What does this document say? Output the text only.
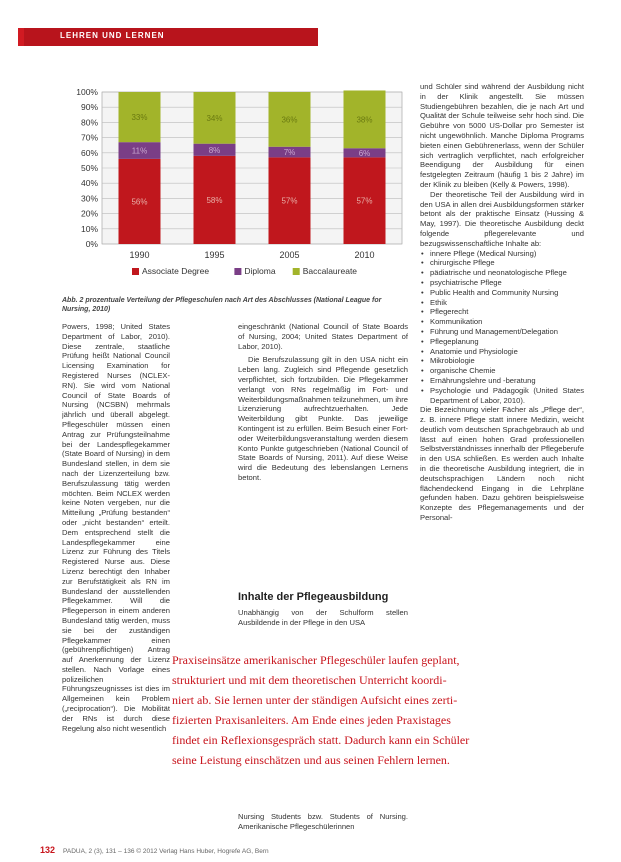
LEHREN UND LERNEN
100%
90%
80%
70%
60%
50%
40%
30%
20%
10%
0%
56%
11%
33%
1990
58%
8%
34%
1995
57%
7%
36%
2005
57%
6%
38%
2010
Associate Degree	Diploma	Baccalaureate
Abb. 2 prozentuale Verteilung der Pflegeschulen nach Art des Abschlusses (National League for Nursing, 2010)

Powers, 1998; United States Department of Labor, 2010). Diese zentrale, staatliche Prüfung heißt National Council Licensing Examination for Registered Nurses (NCLEX-RN). Sie wird vom National Council of State Boards of Nursing (NCSBN) mehrmals jährlich und überall abgelegt. Pflegeschüler müssen einen Antrag zur Prüfungsteilnahme bei der Landespflegekammer (State Board of Nursing) in dem Bundesland stellen, in dem sie nach der Lizenzerteilung bzw. Berufszulassung tätig werden möchten. Beim NCLEX werden keine Noten vergeben, nur die Mitteilung „Prüfung bestanden“ oder „nicht bestanden“ erteilt. Dem entsprechend stellt die Landespflegekammer eine Lizenz zur Führung des Titels Registered Nurse aus. Diese Lizenz berechtigt den Inhaber zur Berufstätigkeit als RN im Bundesland der ausstellenden Pflegekammer. Will die Pflegeperson in einem anderen Bundesland tätig werden, muss sie bei der zuständigen Pflegekammer einen (gebührenpflichtigen) Antrag auf Anerkennung der Lizenz stellen. Nach Vorlage eines polizeilichen Führungszeugnisses ist dies im Allgemeinen kein Problem („reciprocation“). Die Mobilität der RNs ist durch diese Regelung also nicht wesentlich

eingeschränkt (National Council of State Boards of Nursing, 2004; United States Department of Labor, 2010).

Die Berufszulassung gilt in den USA nicht ein Leben lang. Zugleich sind Pflegende gesetzlich verpflichtet, sich fortzubilden. Die Pflegekammer verlangt von RNs regelmäßig im Fort- und Weiterbildungsmaßnahmen teilzunehmen, um ihre Lizenzierung aufrechtzuerhalten. Jede Weiterbildung gibt Punkte. Das jeweilige Kontingent ist zu erfüllen. Beim Besuch einer Fort- oder Weiterbildungsveranstaltung werden diesem Konto Punkte gutgeschrieben (National Council of State Boards of Nursing, 2011). Auf diese Weise wird die Bedeutung des lebenslangen Lernens betont.

Inhalte der Pflegeausbildung

Unabhängig von der Schulform stellen Ausbildende in der Pflege in den USA

und Schüler sind während der Ausbildung nicht in der Klinik angestellt. Sie müssen Studiengebühren bezahlen, die je nach Art und Qualität der Schule teilweise sehr hoch sind. Die Gebühre von 5000 US-Dollar pro Semester ist nicht ungewöhnlich. Manche Diploma Programs bieten einen Gebührenerlass, wenn der Schüler sich vertraglich verpflichtet, nach erfolgreicher Beendigung der Ausbildung für einen festgelegten Zeitraum (häufig 1 bis 2 Jahre) im der Klinik zu bleiben (Kelly & Powers, 1998).

Der theoretische Teil der Ausbildung wird in den USA in allen drei Ausbildungsformen stärker betont als der praktische Einsatz (Hussing & May, 1997). Die theoretische Ausbildung deckt folgende pflegerelevante und bezugswissenschaftliche Inhalte ab:

• innere Pflege (Medical Nursing)
• chirurgische Pflege
• pädiatrische und neonatologische Pflege
• psychiatrische Pflege
• Public Health and Community Nursing
• Ethik
• Pflegerecht
• Kommunikation
• Führung und Management/Delegation
• Pflegeplanung
• Anatomie und Physiologie
• Mikrobiologie
• organische Chemie
• Ernährungslehre und -beratung
• Psychologie und Pädagogik (United States Department of Labor, 2010).

Die Bezeichnung vieler Fächer als „Pflege der“, z. B. innere Pflege statt innere Medizin, weicht deutlich vom deutschen Sprachgebrauch ab und lässt auf einen hohen Grad professionellen Selbstverständnisses innerhalb der Pflegeberufe in den USA schließen. Es werden auch Inhalte in die theoretische Ausbildung integriert, die in deutschsprachigen Ländern noch nicht flächendeckend Eingang in die Lehrpläne gefunden haben. Dazu gehören beispielsweise Konzepte des Pflegemanagements und der Personal-

Praxiseinsätze amerikanischer Pflegeschüler laufen geplant,
strukturiert und mit dem theoretischen Unterricht koordi-
niert ab. Sie lernen unter der ständigen Aufsicht eines zerti-
fizierten Praxisanleiters. Am Ende eines jeden Praxistages
findet ein Reflexionsgespräch statt. Dadurch kann ein Schüler
seine Leistung einschätzen und aus seinen Fehlern lernen.

Nursing Students bzw. Students of Nursing. Amerikanische Pflegeschülerinnen

132 PADUA, 2 (3), 131 – 136 © 2012 Verlag Hans Huber, Hogrefe AG, Bern
